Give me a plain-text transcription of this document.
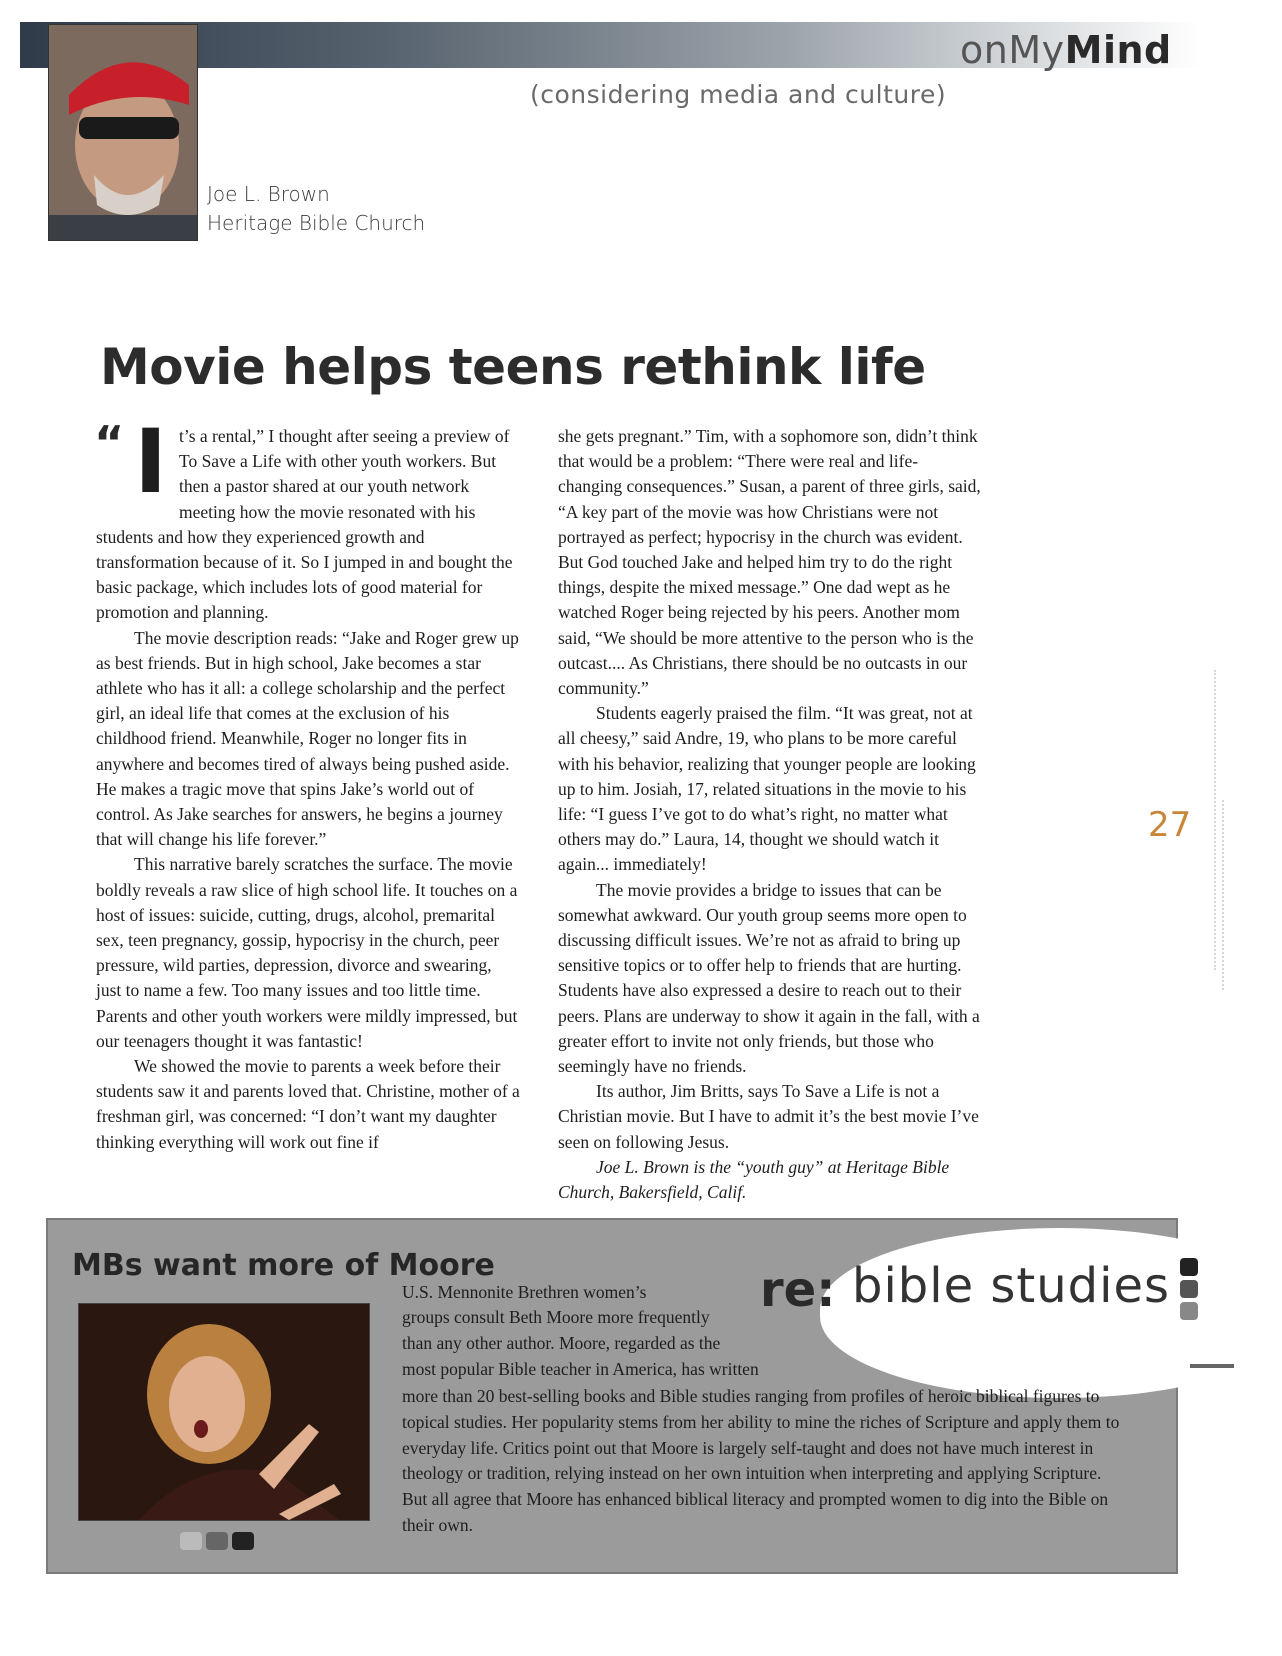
onMyMind
(considering media and culture)
Joe L. Brown
Heritage Bible Church
Movie helps teens rethink life
“ I t’s a rental,” I thought after seeing a preview of To Save a Life with other youth workers. But then a pastor shared at our youth network meeting how the movie resonated with his students and how they experienced growth and transformation because of it. So I jumped in and bought the basic package, which includes lots of good material for promotion and planning.

The movie description reads: “Jake and Roger grew up as best friends. But in high school, Jake becomes a star athlete who has it all: a college scholarship and the perfect girl, an ideal life that comes at the exclusion of his childhood friend. Meanwhile, Roger no longer fits in anywhere and becomes tired of always being pushed aside. He makes a tragic move that spins Jake’s world out of control. As Jake searches for answers, he begins a journey that will change his life forever.”

This narrative barely scratches the surface. The movie boldly reveals a raw slice of high school life. It touches on a host of issues: suicide, cutting, drugs, alcohol, premarital sex, teen pregnancy, gossip, hypocrisy in the church, peer pressure, wild parties, depression, divorce and swearing, just to name a few. Too many issues and too little time. Parents and other youth workers were mildly impressed, but our teenagers thought it was fantastic!

We showed the movie to parents a week before their students saw it and parents loved that. Christine, mother of a freshman girl, was concerned: “I don’t want my daughter thinking everything will work out fine if

she gets pregnant.” Tim, with a sophomore son, didn’t think that would be a problem: “There were real and life-changing consequences.” Susan, a parent of three girls, said, “A key part of the movie was how Christians were not portrayed as perfect; hypocrisy in the church was evident. But God touched Jake and helped him try to do the right things, despite the mixed message.” One dad wept as he watched Roger being rejected by his peers. Another mom said, “We should be more attentive to the person who is the outcast.... As Christians, there should be no outcasts in our community.”

Students eagerly praised the film. “It was great, not at all cheesy,” said Andre, 19, who plans to be more careful with his behavior, realizing that younger people are looking up to him. Josiah, 17, related situations in the movie to his life: “I guess I’ve got to do what’s right, no matter what others may do.” Laura, 14, thought we should watch it again... immediately!

The movie provides a bridge to issues that can be somewhat awkward. Our youth group seems more open to discussing difficult issues. We’re not as afraid to bring up sensitive topics or to offer help to friends that are hurting. Students have also expressed a desire to reach out to their peers. Plans are underway to show it again in the fall, with a greater effort to invite not only friends, but those who seemingly have no friends.

Its author, Jim Britts, says To Save a Life is not a Christian movie. But I have to admit it’s the best movie I’ve seen on following Jesus.

Joe L. Brown is the “youth guy” at Heritage Bible Church, Bakersfield, Calif.

27
MBs want more of Moore	re: bible studies
U.S. Mennonite Brethren women’s
groups consult Beth Moore more frequently
than any other author. Moore, regarded as the
most popular Bible teacher in America, has written
more than 20 best-selling books and Bible studies ranging from profiles of heroic biblical figures to topical studies. Her popularity stems from her ability to mine the riches of Scripture and apply them to everyday life. Critics point out that Moore is largely self-taught and does not have much interest in theology or tradition, relying instead on her own intuition when interpreting and applying Scripture. But all agree that Moore has enhanced biblical literacy and prompted women to dig into the Bible on their own.
